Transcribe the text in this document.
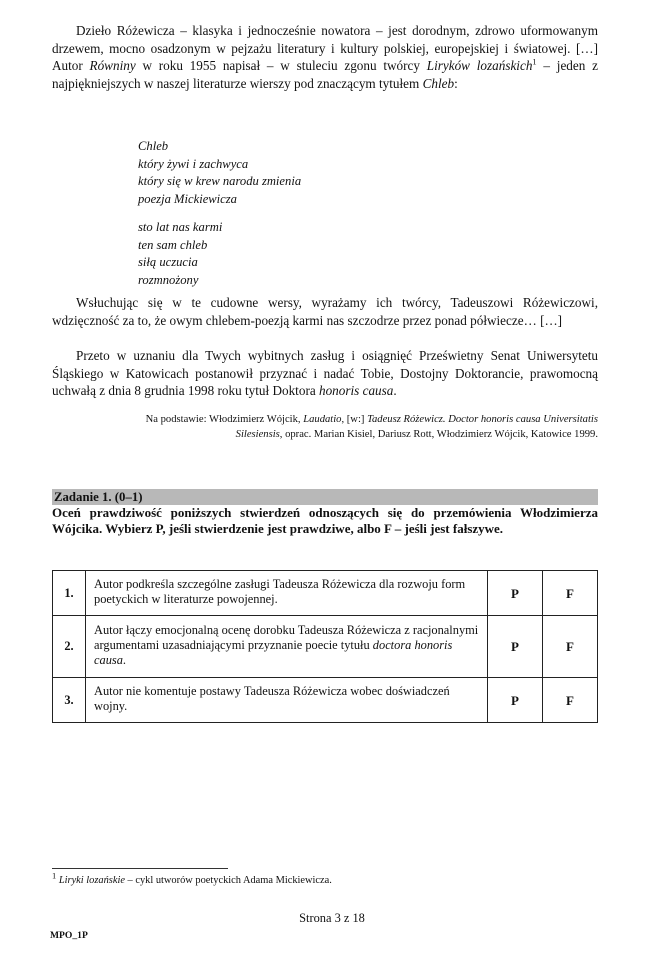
Dzieło Różewicza – klasyka i jednocześnie nowatora – jest dorodnym, zdrowo uformowanym drzewem, mocno osadzonym w pejzażu literatury i kultury polskiej, europejskiej i światowej. […] Autor Równiny w roku 1955 napisał – w stuleciu zgonu twórcy Liryków lozańskich$^1$ – jeden z najpiękniejszych w naszej literaturze wierszy pod znaczącym tytułem Chleb:

Chleb
który żywi i zachwyca
który się w krew narodu zmienia
poezja Mickiewicza
sto lat nas karmi
ten sam chleb
siłą uczucia
rozmnożony

Wsłuchując się w te cudowne wersy, wyrażamy ich twórcy, Tadeuszowi Różewiczowi, wdzięczność za to, że owym chlebem-poezją karmi nas szczodrze przez ponad półwiecze… […]

Przeto w uznaniu dla Twych wybitnych zasług i osiągnięć Prześwietny Senat Uniwersytetu Śląskiego w Katowicach postanowił przyznać i nadać Tobie, Dostojny Doktorancie, prawomocną uchwałą z dnia 8 grudnia 1998 roku tytuł Doktora honoris causa.

Na podstawie: Włodzimierz Wójcik, Laudatio, [w:] Tadeusz Różewicz. Doctor honoris causa Universitatis Silesiensis, oprac. Marian Kisiel, Dariusz Rott, Włodzimierz Wójcik, Katowice 1999.
Zadanie 1. (0–1)

Oceń prawdziwość poniższych stwierdzeń odnoszących się do przemówienia Włodzimierza Wójcika. Wybierz P, jeśli stwierdzenie jest prawdziwe, albo F – jeśli jest fałszywe.

1.	Autor podkreśla szczególne zasługi Tadeusza Różewicza dla rozwoju form poetyckich w literaturze powojennej.	P	F
2.	Autor łączy emocjonalną ocenę dorobku Tadeusza Różewicza z racjonalnymi argumentami uzasadniającymi przyznanie poecie tytułu doctora honoris causa.	P	F
3.	Autor nie komentuje postawy Tadeusza Różewicza wobec doświadczeń wojny.	P	F
$^1$ Liryki lozańskie – cykl utworów poetyckich Adama Mickiewicza.
Strona 3 z 18
MPO_1P
